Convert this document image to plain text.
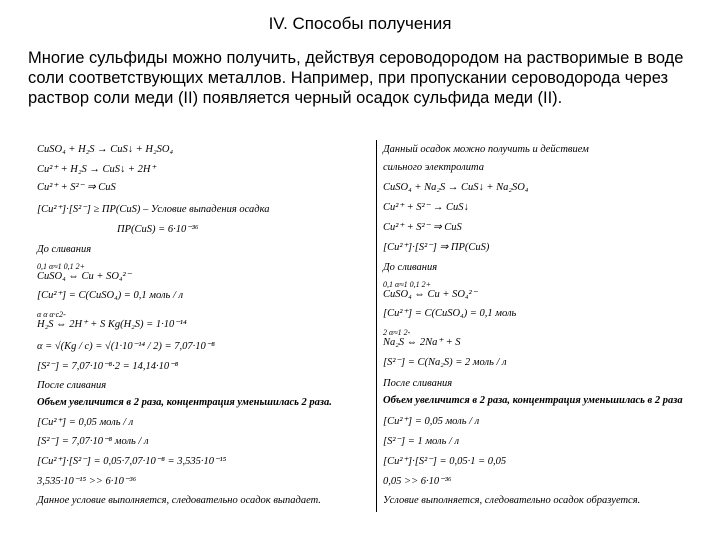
IV. Способы получения
Многие сульфиды можно получить, действуя сероводородом на растворимые в воде соли соответствующих металлов. Например, при пропускании сероводорода через раствор соли меди (II) появляется черный осадок сульфида меди (II).
CuSO₄ + H₂S → CuS↓ + H₂SO₄
Cu²⁺ + H₂S → CuS↓ + 2H⁺
Cu²⁺ + S²⁻ ⇒ CuS
[Cu²⁺]·[S²⁻] ≥ ПР(CuS) – Условие выпадения осадка
ПР(CuS) = 6·10⁻³⁶
До сливания
0,1 α≈1 0,1 2+
CuSO₄ ⇔ Cu + SO₄²⁻
[Cu²⁺] = C(CuSO₄) = 0,1 моль / л
α α α·c2-
H₂S ⇔ 2H⁺ + S Kg(H₂S) = 1·10⁻¹⁴
α = √(Kg / c) = √(1·10⁻¹⁴ / 2) = 7,07·10⁻⁸
[S²⁻] = 7,07·10⁻⁸·2 = 14,14·10⁻⁸
После сливания
Объем увеличится в 2 раза, концентрация уменьшилась 2 раза.
[Cu²⁺] = 0,05 моль / л
[S²⁻] = 7,07·10⁻⁸ моль / л
[Cu²⁺]·[S²⁻] = 0,05·7,07·10⁻⁸ = 3,535·10⁻¹⁵
3,535·10⁻¹⁵ >> 6·10⁻³⁶
Данное условие выполняется, следовательно осадок выпадает.
Данный осадок можно получить и действием
сильного электролита
CuSO₄ + Na₂S → CuS↓ + Na₂SO₄
Cu²⁺ + S²⁻ → CuS↓
Cu²⁺ + S²⁻ ⇒ CuS
[Cu²⁺]·[S²⁻] ⇒ ПР(CuS)
До сливания
0,1 α≈1 0,1 2+
CuSO₄ ⇔ Cu + SO₄²⁻
[Cu²⁺] = C(CuSO₄) = 0,1 моль
2 α≈1 2-
Na₂S ⇔ 2Na⁺ + S
[S²⁻] = C(Na₂S) = 2 моль / л
После сливания
Объем увеличится в 2 раза, концентрация уменьшилась в 2 раза
[Cu²⁺] = 0,05 моль / л
[S²⁻] = 1 моль / л
[Cu²⁺]·[S²⁻] = 0,05·1 = 0,05
0,05 >> 6·10⁻³⁶
Условие выполняется, следовательно осадок образуется.
